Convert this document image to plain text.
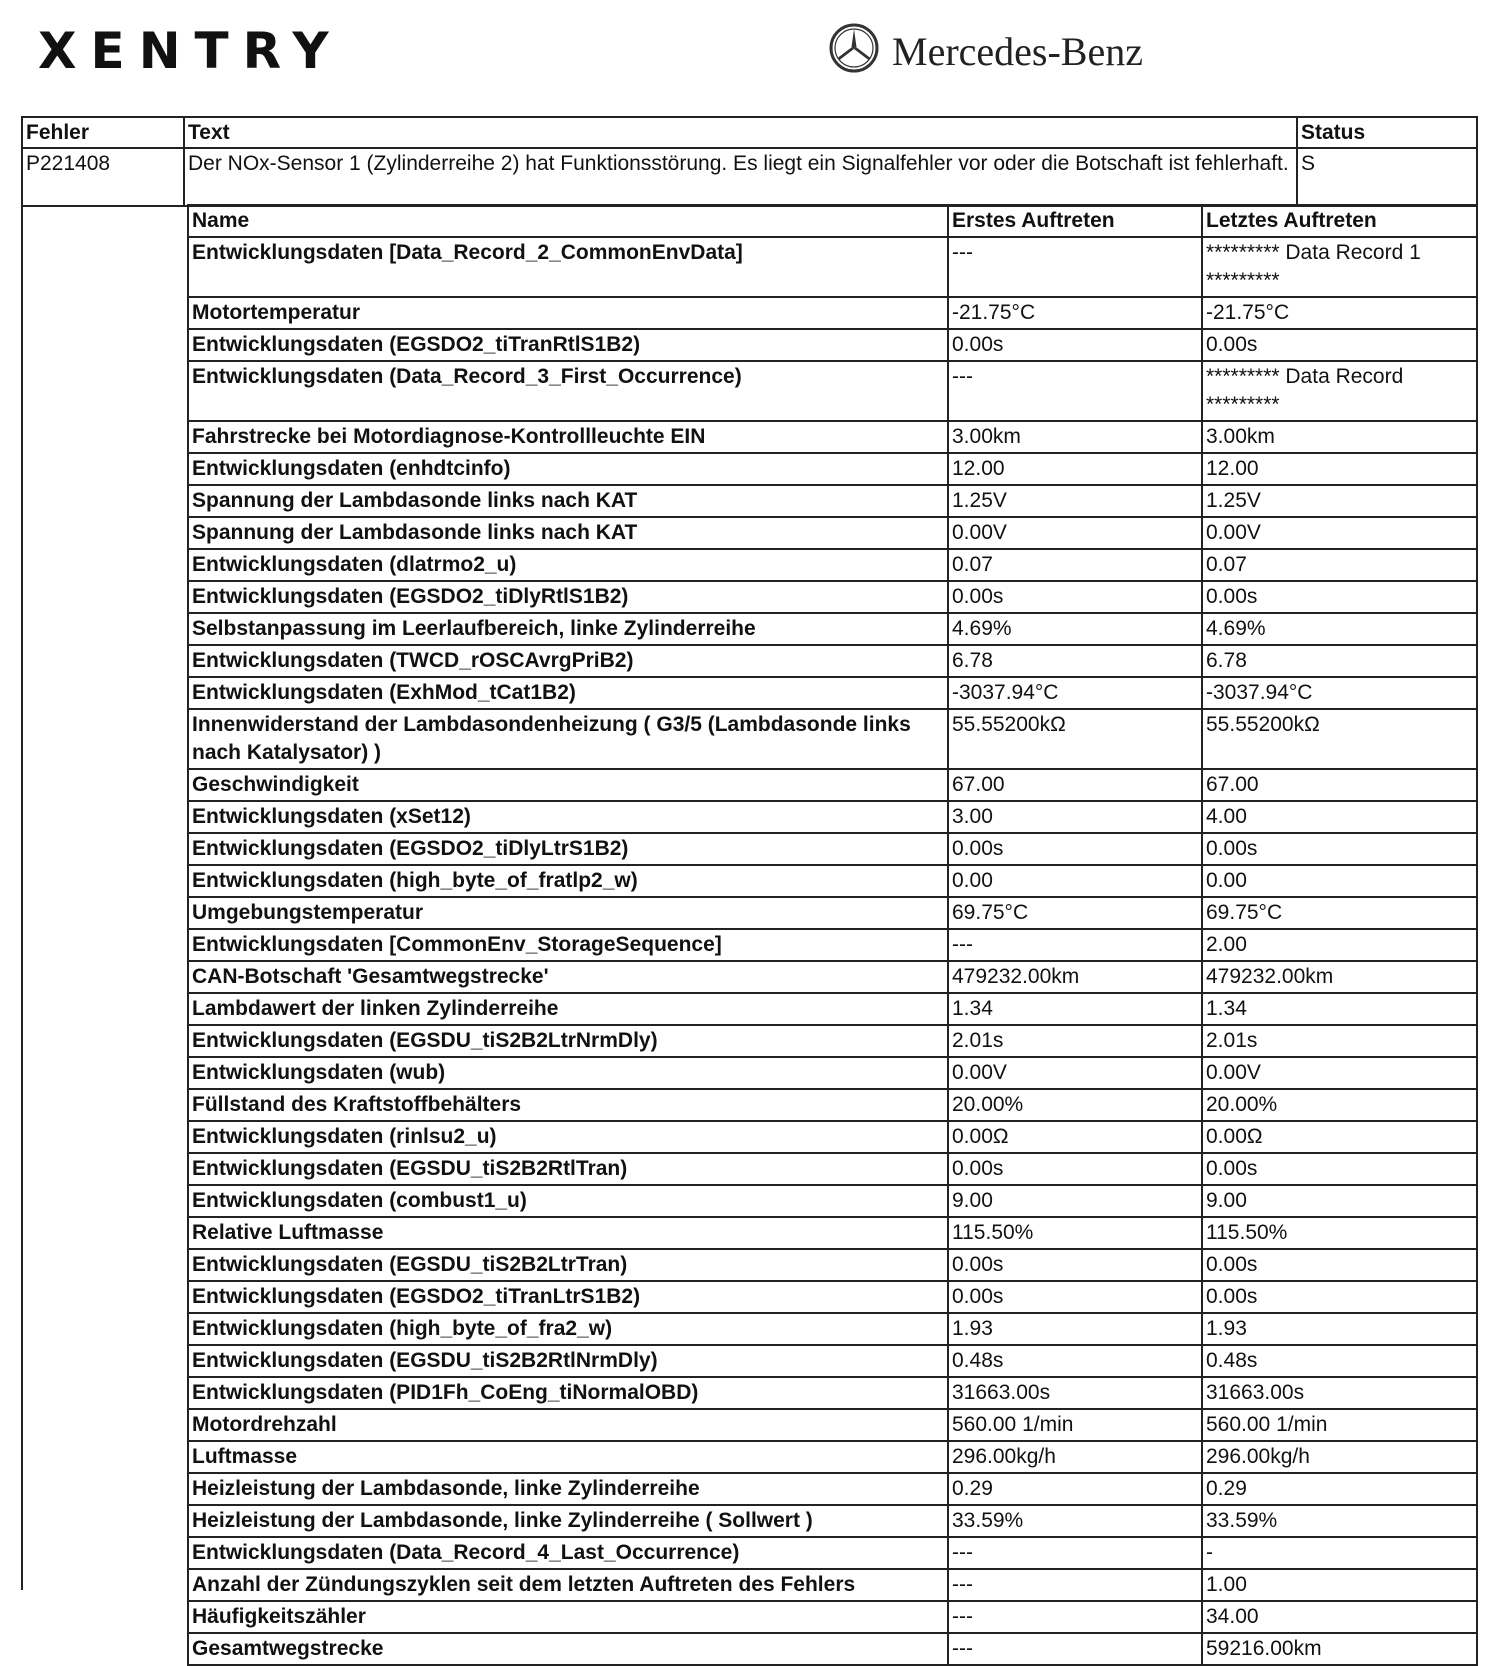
XENTRY	Mercedes-Benz
Fehler	Text	Status
P221408	Der NOx-Sensor 1 (Zylinderreihe 2) hat Funktionsstörung. Es liegt ein Signalfehler vor oder die Botschaft ist fehlerhaft.	S
Name	Erstes Auftreten	Letztes Auftreten
Entwicklungsdaten [Data_Record_2_CommonEnvData]	---	********* Data Record 1 *********
Motortemperatur	-21.75°C	-21.75°C
Entwicklungsdaten (EGSDO2_tiTranRtlS1B2)	0.00s	0.00s
Entwicklungsdaten (Data_Record_3_First_Occurrence)	---	********* Data Record *********
Fahrstrecke bei Motordiagnose-Kontrollleuchte EIN	3.00km	3.00km
Entwicklungsdaten (enhdtcinfo)	12.00	12.00
Spannung der Lambdasonde links nach KAT	1.25V	1.25V
Spannung der Lambdasonde links nach KAT	0.00V	0.00V
Entwicklungsdaten (dlatrmo2_u)	0.07	0.07
Entwicklungsdaten (EGSDO2_tiDlyRtlS1B2)	0.00s	0.00s
Selbstanpassung im Leerlaufbereich, linke Zylinderreihe	4.69%	4.69%
Entwicklungsdaten (TWCD_rOSCAvrgPriB2)	6.78	6.78
Entwicklungsdaten (ExhMod_tCat1B2)	-3037.94°C	-3037.94°C
Innenwiderstand der Lambdasondenheizung ( G3/5 (Lambdasonde links nach Katalysator) )	55.55200kΩ	55.55200kΩ
Geschwindigkeit	67.00	67.00
Entwicklungsdaten (xSet12)	3.00	4.00
Entwicklungsdaten (EGSDO2_tiDlyLtrS1B2)	0.00s	0.00s
Entwicklungsdaten (high_byte_of_fratlp2_w)	0.00	0.00
Umgebungstemperatur	69.75°C	69.75°C
Entwicklungsdaten [CommonEnv_StorageSequence]	---	2.00
CAN-Botschaft 'Gesamtwegstrecke'	479232.00km	479232.00km
Lambdawert der linken Zylinderreihe	1.34	1.34
Entwicklungsdaten (EGSDU_tiS2B2LtrNrmDly)	2.01s	2.01s
Entwicklungsdaten (wub)	0.00V	0.00V
Füllstand des Kraftstoffbehälters	20.00%	20.00%
Entwicklungsdaten (rinlsu2_u)	0.00Ω	0.00Ω
Entwicklungsdaten (EGSDU_tiS2B2RtlTran)	0.00s	0.00s
Entwicklungsdaten (combust1_u)	9.00	9.00
Relative Luftmasse	115.50%	115.50%
Entwicklungsdaten (EGSDU_tiS2B2LtrTran)	0.00s	0.00s
Entwicklungsdaten (EGSDO2_tiTranLtrS1B2)	0.00s	0.00s
Entwicklungsdaten (high_byte_of_fra2_w)	1.93	1.93
Entwicklungsdaten (EGSDU_tiS2B2RtlNrmDly)	0.48s	0.48s
Entwicklungsdaten (PID1Fh_CoEng_tiNormalOBD)	31663.00s	31663.00s
Motordrehzahl	560.00 1/min	560.00 1/min
Luftmasse	296.00kg/h	296.00kg/h
Heizleistung der Lambdasonde, linke Zylinderreihe	0.29	0.29
Heizleistung der Lambdasonde, linke Zylinderreihe ( Sollwert )	33.59%	33.59%
Entwicklungsdaten (Data_Record_4_Last_Occurrence)	---	-
Anzahl der Zündungszyklen seit dem letzten Auftreten des Fehlers	---	1.00
Häufigkeitszähler	---	34.00
Gesamtwegstrecke	---	59216.00km
